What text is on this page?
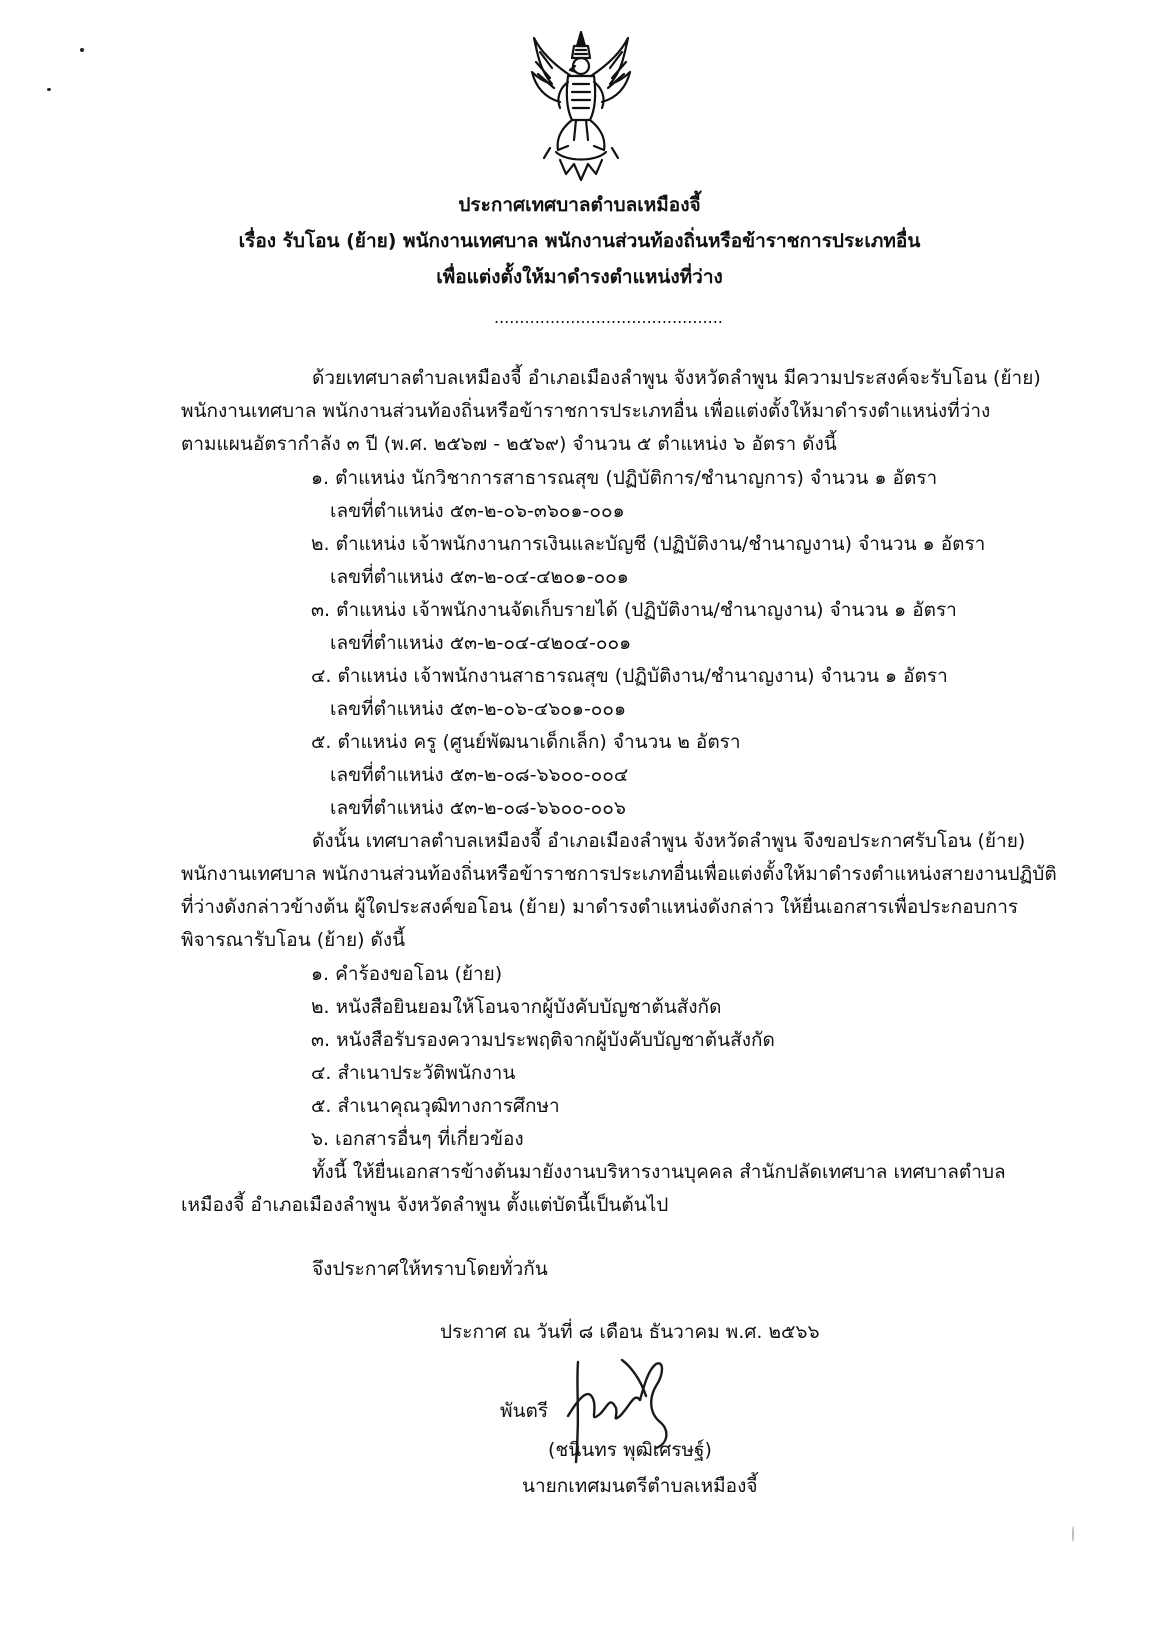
ประกาศเทศบาลตำบลเหมืองจี้
เรื่อง รับโอน (ย้าย) พนักงานเทศบาล พนักงานส่วนท้องถิ่นหรือข้าราชการประเภทอื่น
เพื่อแต่งตั้งให้มาดำรงตำแหน่งที่ว่าง
.............................................
ด้วยเทศบาลตำบลเหมืองจี้ อำเภอเมืองลำพูน จังหวัดลำพูน มีความประสงค์จะรับโอน (ย้าย)
พนักงานเทศบาล พนักงานส่วนท้องถิ่นหรือข้าราชการประเภทอื่น เพื่อแต่งตั้งให้มาดำรงตำแหน่งที่ว่าง
ตามแผนอัตรากำลัง ๓ ปี (พ.ศ. ๒๕๖๗ - ๒๕๖๙) จำนวน ๕ ตำแหน่ง ๖ อัตรา ดังนี้
๑. ตำแหน่ง นักวิชาการสาธารณสุข (ปฏิบัติการ/ชำนาญการ) จำนวน ๑ อัตรา
เลขที่ตำแหน่ง ๕๓-๒-๐๖-๓๖๐๑-๐๐๑
๒. ตำแหน่ง เจ้าพนักงานการเงินและบัญชี (ปฏิบัติงาน/ชำนาญงาน) จำนวน ๑ อัตรา
เลขที่ตำแหน่ง ๕๓-๒-๐๔-๔๒๐๑-๐๐๑
๓. ตำแหน่ง เจ้าพนักงานจัดเก็บรายได้ (ปฏิบัติงาน/ชำนาญงาน) จำนวน ๑ อัตรา
เลขที่ตำแหน่ง ๕๓-๒-๐๔-๔๒๐๔-๐๐๑
๔. ตำแหน่ง เจ้าพนักงานสาธารณสุข (ปฏิบัติงาน/ชำนาญงาน) จำนวน ๑ อัตรา
เลขที่ตำแหน่ง ๕๓-๒-๐๖-๔๖๐๑-๐๐๑
๕. ตำแหน่ง ครู (ศูนย์พัฒนาเด็กเล็ก) จำนวน ๒ อัตรา
เลขที่ตำแหน่ง ๕๓-๒-๐๘-๖๖๐๐-๐๐๔
เลขที่ตำแหน่ง ๕๓-๒-๐๘-๖๖๐๐-๐๐๖
ดังนั้น เทศบาลตำบลเหมืองจี้ อำเภอเมืองลำพูน จังหวัดลำพูน จึงขอประกาศรับโอน (ย้าย)
พนักงานเทศบาล พนักงานส่วนท้องถิ่นหรือข้าราชการประเภทอื่นเพื่อแต่งตั้งให้มาดำรงตำแหน่งสายงานปฏิบัติ
ที่ว่างดังกล่าวข้างต้น ผู้ใดประสงค์ขอโอน (ย้าย) มาดำรงตำแหน่งดังกล่าว ให้ยื่นเอกสารเพื่อประกอบการ
พิจารณารับโอน (ย้าย) ดังนี้
๑. คำร้องขอโอน (ย้าย)
๒. หนังสือยินยอมให้โอนจากผู้บังคับบัญชาต้นสังกัด
๓. หนังสือรับรองความประพฤติจากผู้บังคับบัญชาต้นสังกัด
๔. สำเนาประวัติพนักงาน
๕. สำเนาคุณวุฒิทางการศึกษา
๖. เอกสารอื่นๆ ที่เกี่ยวข้อง
ทั้งนี้ ให้ยื่นเอกสารข้างต้นมายังงานบริหารงานบุคคล สำนักปลัดเทศบาล เทศบาลตำบล
เหมืองจี้ อำเภอเมืองลำพูน จังหวัดลำพูน ตั้งแต่บัดนี้เป็นต้นไป
จึงประกาศให้ทราบโดยทั่วกัน
ประกาศ ณ วันที่ ๘ เดือน ธันวาคม พ.ศ. ๒๕๖๖
พันตรี
(ชนินทร พุฒิเศรษฐ์)
นายกเทศมนตรีตำบลเหมืองจี้
